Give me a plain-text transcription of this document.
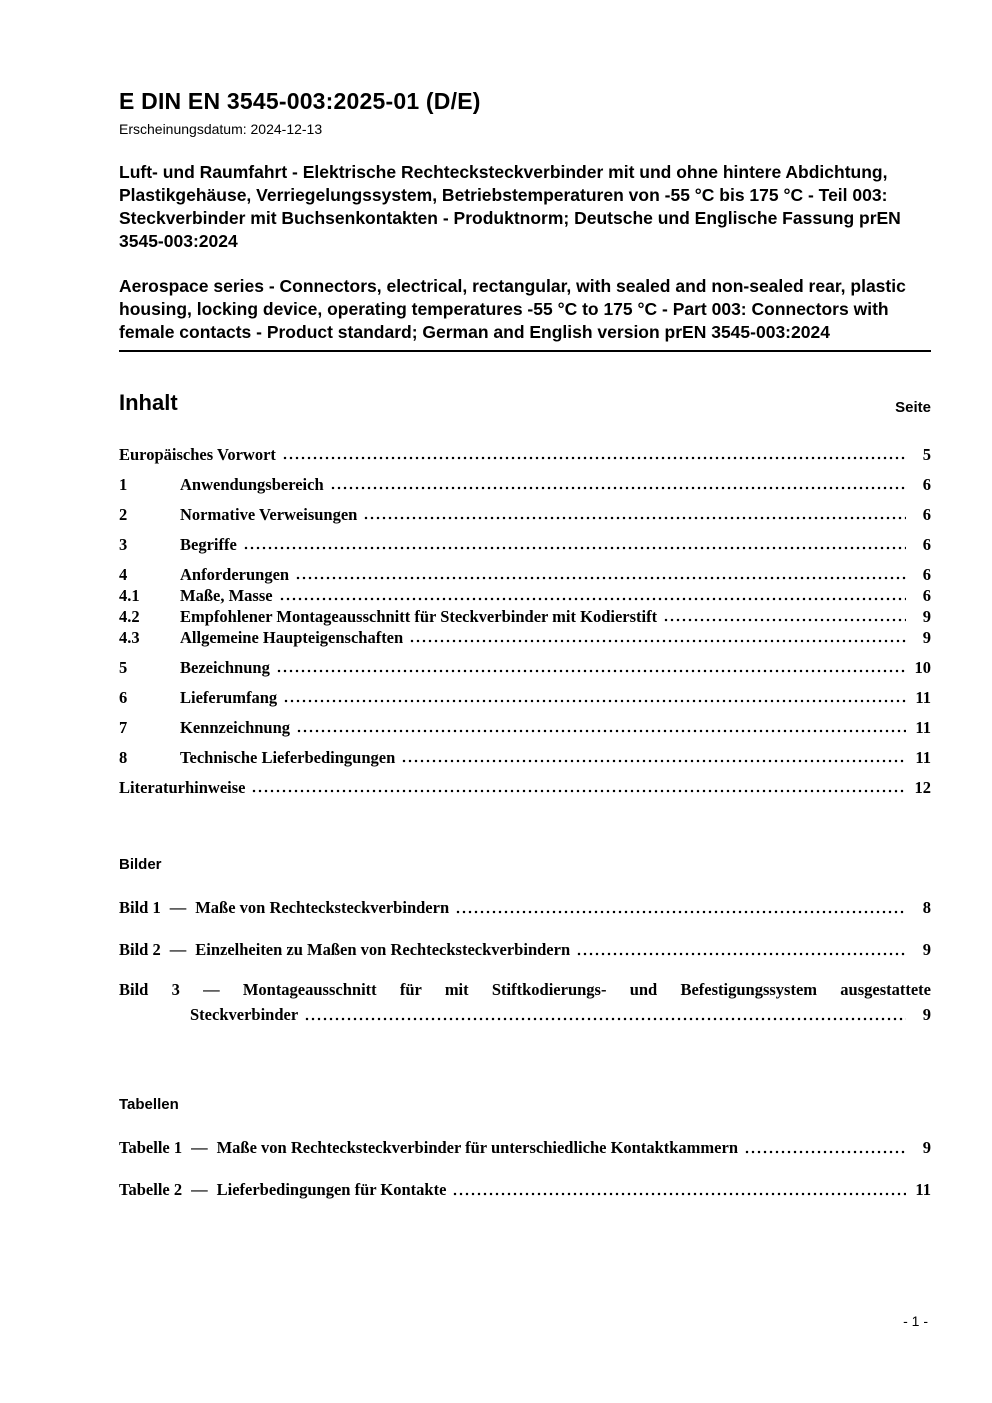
E DIN EN 3545-003:2025-01 (D/E)
Erscheinungsdatum: 2024-12-13

Luft- und Raumfahrt - Elektrische Rechtecksteckverbinder mit und ohne hintere Abdichtung, Plastikgehäuse, Verriegelungssystem, Betriebstemperaturen von -55 °C bis 175 °C - Teil 003: Steckverbinder mit Buchsenkontakten - Produktnorm; Deutsche und Englische Fassung prEN 3545-003:2024

Aerospace series - Connectors, electrical, rectangular, with sealed and non-sealed rear, plastic housing, locking device, operating temperatures -55 °C to 175 °C - Part 003: Connectors with female contacts - Product standard; German and English version prEN 3545-003:2024

Inhalt	Seite
Europäisches Vorwort	5
1	Anwendungsbereich	6
2	Normative Verweisungen	6
3	Begriffe	6
4	Anforderungen	6
4.1	Maße, Masse	6
4.2	Empfohlener Montageausschnitt für Steckverbinder mit Kodierstift	9
4.3	Allgemeine Haupteigenschaften	9
5	Bezeichnung	10
6	Lieferumfang	11
7	Kennzeichnung	11
8	Technische Lieferbedingungen	11
Literaturhinweise	12
Bilder
Bild 1 — Maße von Rechtecksteckverbindern	8
Bild 2 — Einzelheiten zu Maßen von Rechtecksteckverbindern	9
Bild 3 — Montageausschnitt für mit Stiftkodierungs- und Befestigungssystem ausgestattete
Steckverbinder	9
Tabellen
Tabelle 1 — Maße von Rechtecksteckverbinder für unterschiedliche Kontaktkammern	9
Tabelle 2 — Lieferbedingungen für Kontakte	11
- 1 -
